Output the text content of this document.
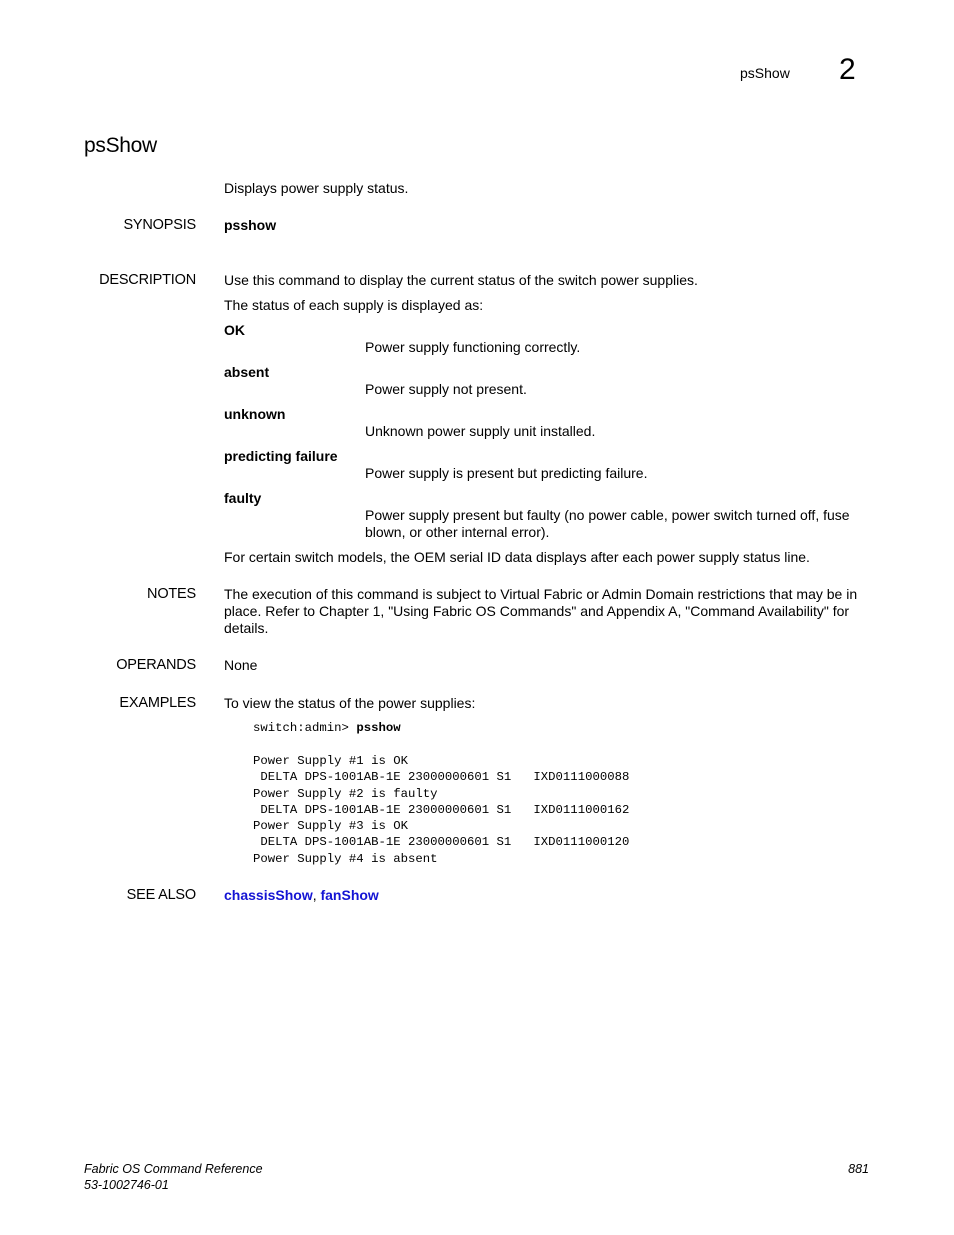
psShow 2
psShow
Displays power supply status.
SYNOPSIS psshow
DESCRIPTION Use this command to display the current status of the switch power supplies.
The status of each supply is displayed as:
OK
Power supply functioning correctly.
absent
Power supply not present.
unknown
Unknown power supply unit installed.
predicting failure
Power supply is present but predicting failure.
faulty
Power supply present but faulty (no power cable, power switch turned off, fuse blown, or other internal error).
For certain switch models, the OEM serial ID data displays after each power supply status line.
NOTES The execution of this command is subject to Virtual Fabric or Admin Domain restrictions that may be in place. Refer to Chapter 1, "Using Fabric OS Commands" and Appendix A, "Command Availability" for details.
OPERANDS None
EXAMPLES To view the status of the power supplies:
switch:admin> psshow
Power Supply #1 is OK
DELTA DPS-1001AB-1E 23000000601 S1   IXD0111000088
Power Supply #2 is faulty
DELTA DPS-1001AB-1E 23000000601 S1   IXD0111000162
Power Supply #3 is OK
DELTA DPS-1001AB-1E 23000000601 S1   IXD0111000120
Power Supply #4 is absent
SEE ALSO chassisShow, fanShow
Fabric OS Command Reference
53-1002746-01
881
